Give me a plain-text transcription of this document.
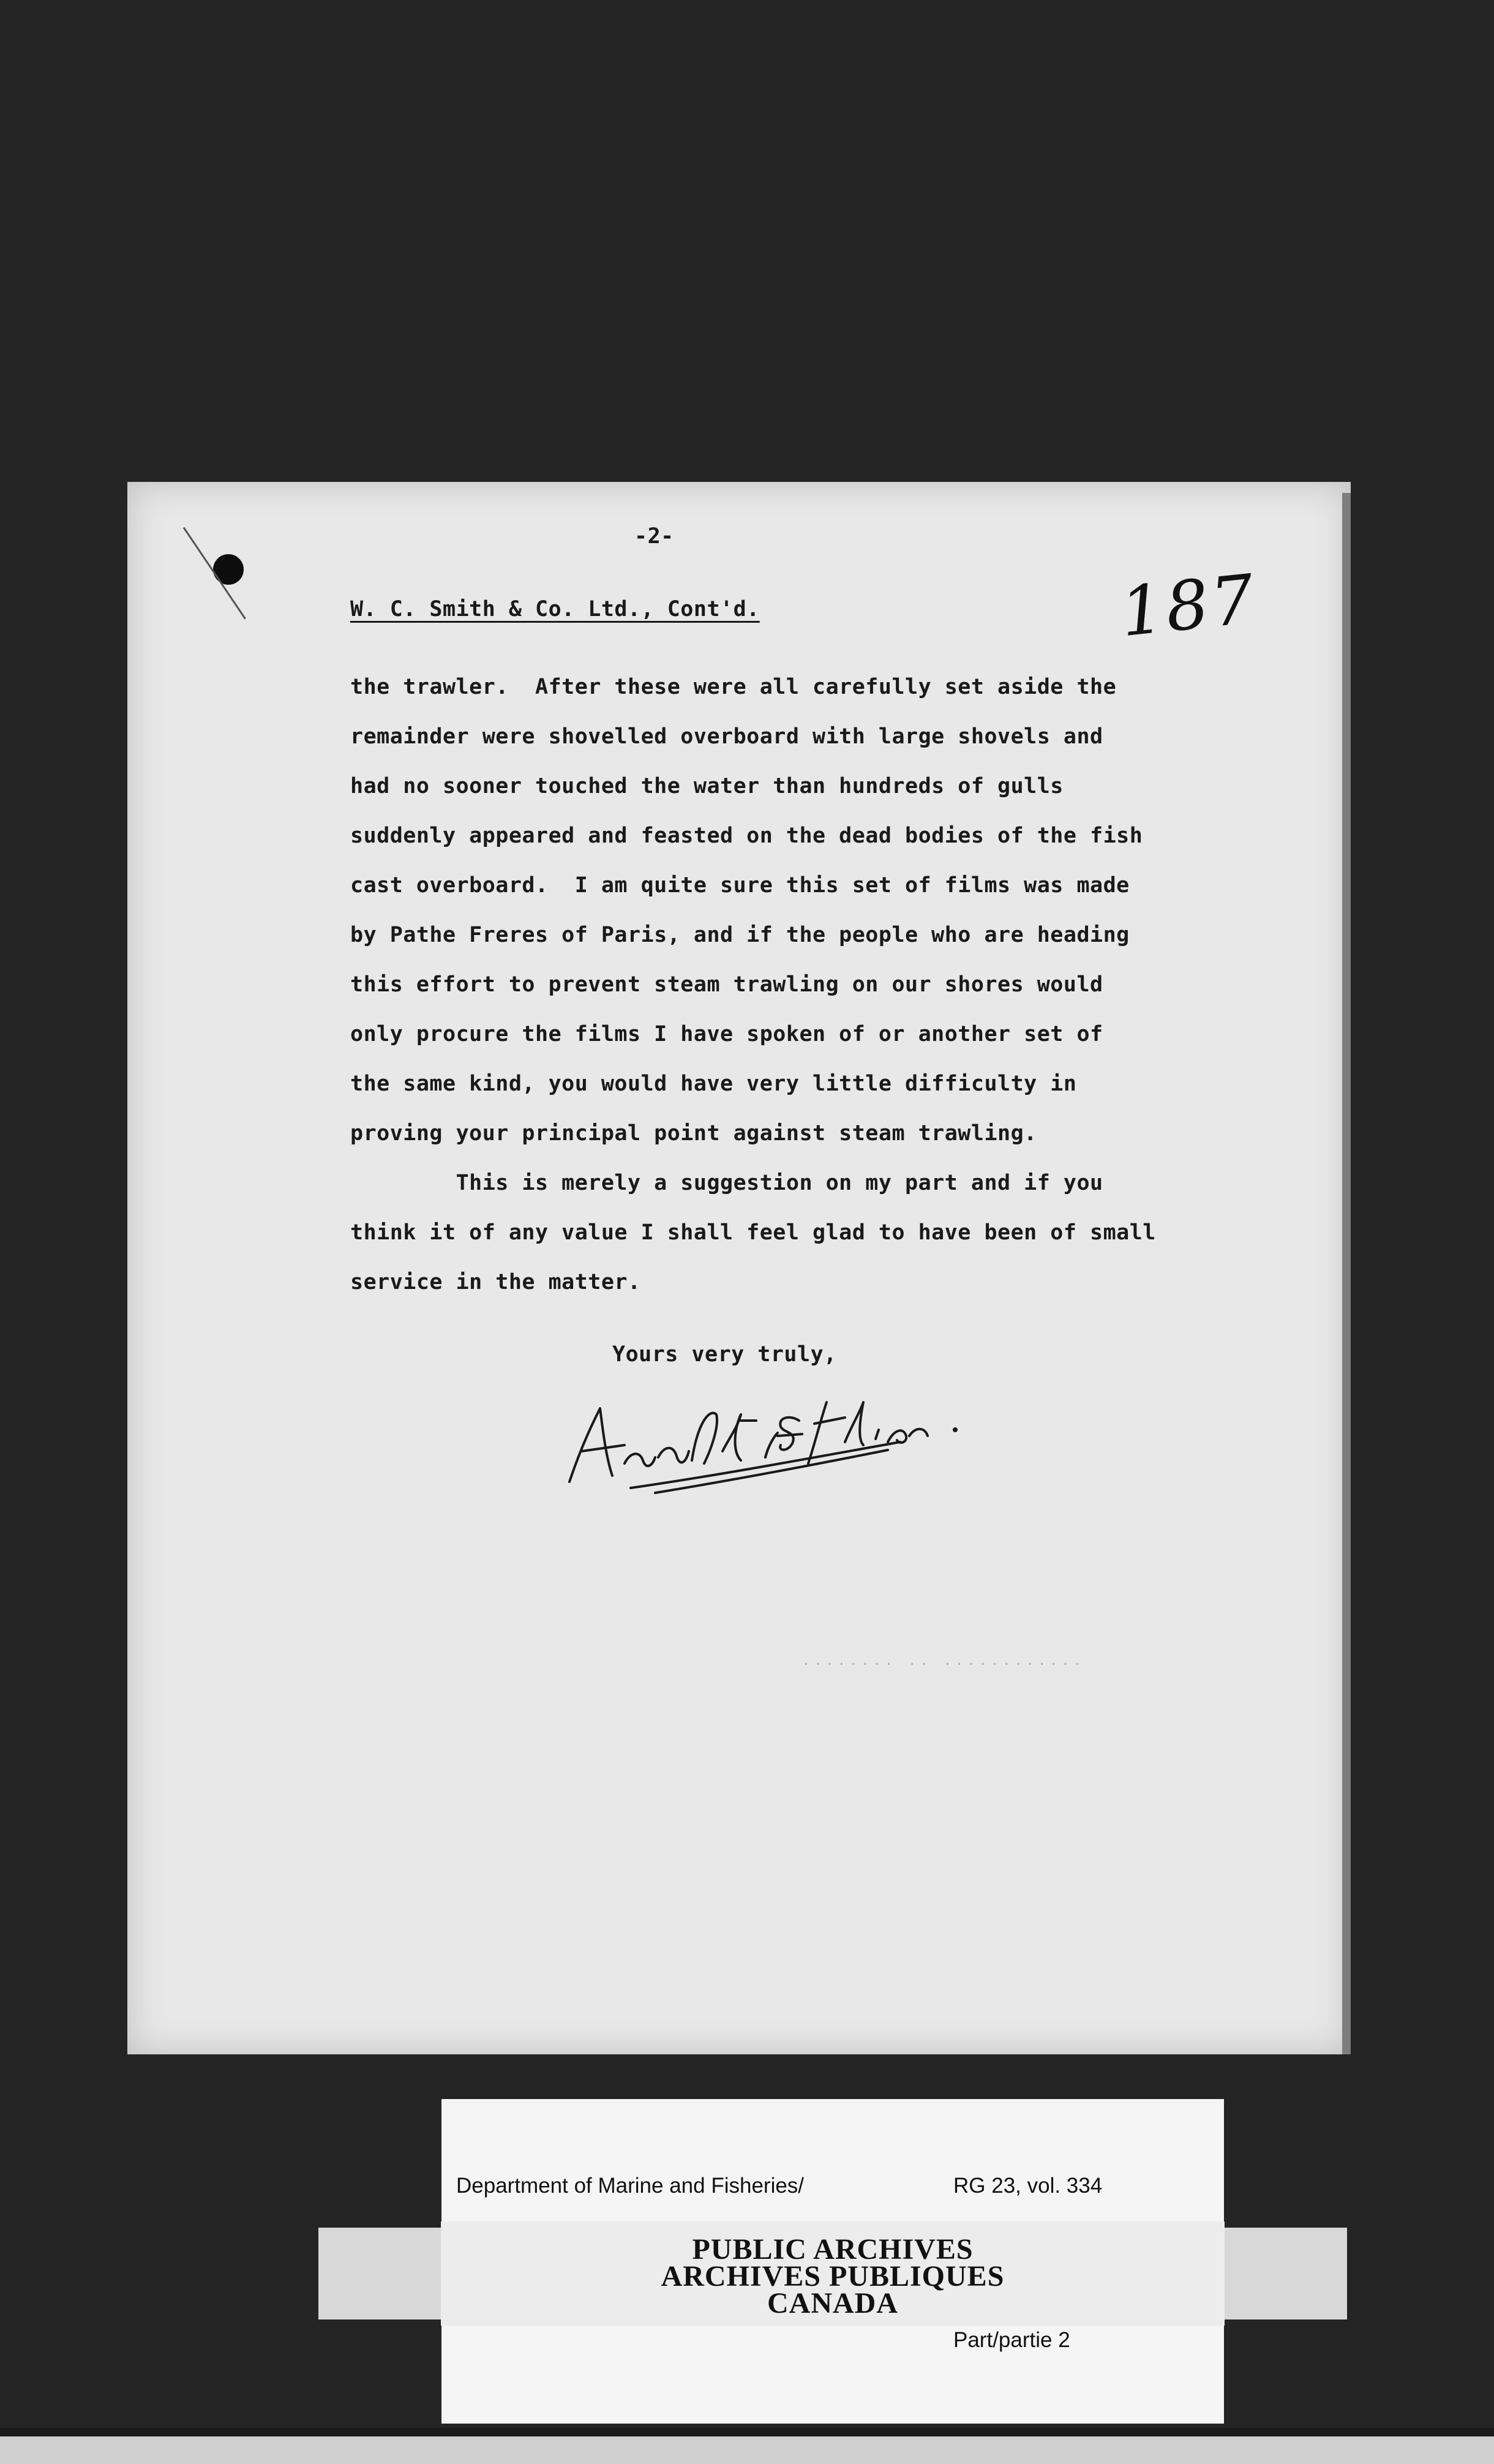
-2-
W. C. Smith & Co. Ltd., Cont'd.	187
the trawler.  After these were all carefully set aside the
remainder were shovelled overboard with large shovels and
had no sooner touched the water than hundreds of gulls
suddenly appeared and feasted on the dead bodies of the fish
cast overboard.  I am quite sure this set of films was made
by Pathe Freres of Paris, and if the people who are heading
this effort to prevent steam trawling on our shores would
only procure the films I have spoken of or another set of
the same kind, you would have very little difficulty in
proving your principal point against steam trawling.
This is merely a suggestion on my part and if you
think it of any value I shall feel glad to have been of small
service in the matter.
Yours very truly,
........ .. ............

Department of Marine and Fisheries/

	RG 23, vol. 334

Part/partie 2

PUBLIC ARCHIVES
ARCHIVES PUBLIQUES
CANADA
